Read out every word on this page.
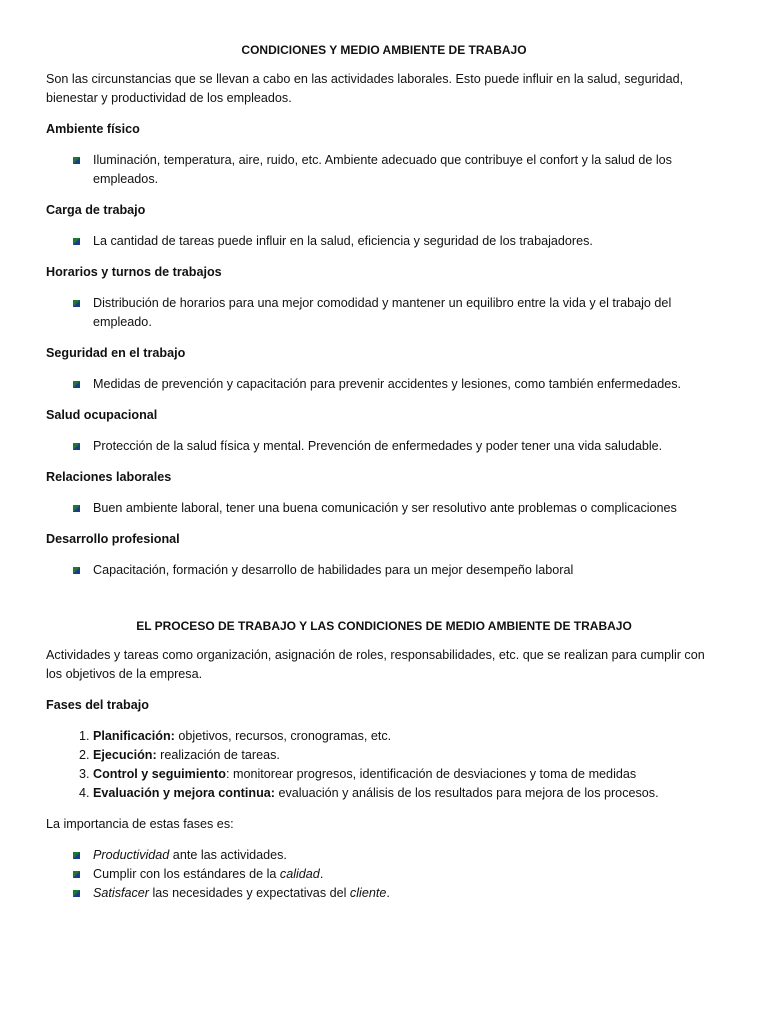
CONDICIONES Y MEDIO AMBIENTE DE TRABAJO

Son las circunstancias que se llevan a cabo en las actividades laborales. Esto puede influir en la salud, seguridad, bienestar y productividad de los empleados.

Ambiente físico

Iluminación, temperatura, aire, ruido, etc. Ambiente adecuado que contribuye el confort y la salud de los empleados.

Carga de trabajo

La cantidad de tareas puede influir en la salud, eficiencia y seguridad de los trabajadores.

Horarios y turnos de trabajos

Distribución de horarios para una mejor comodidad y mantener un equilibro entre la vida y el trabajo del empleado.

Seguridad en el trabajo

Medidas de prevención y capacitación para prevenir accidentes y lesiones, como también enfermedades.

Salud ocupacional

Protección de la salud física y mental. Prevención de enfermedades y poder tener una vida saludable.

Relaciones laborales

Buen ambiente laboral, tener una buena comunicación y ser resolutivo ante problemas o complicaciones

Desarrollo profesional

Capacitación, formación y desarrollo de habilidades para un mejor desempeño laboral

EL PROCESO DE TRABAJO Y LAS CONDICIONES DE MEDIO AMBIENTE DE TRABAJO

Actividades y tareas como organización, asignación de roles, responsabilidades, etc. que se realizan para cumplir con los objetivos de la empresa.

Fases del trabajo

1. Planificación: objetivos, recursos, cronogramas, etc.
2. Ejecución: realización de tareas.
3. Control y seguimiento: monitorear progresos, identificación de desviaciones y toma de medidas
4. Evaluación y mejora continua: evaluación y análisis de los resultados para mejora de los procesos.

La importancia de estas fases es:

Productividad ante las actividades.
Cumplir con los estándares de la calidad.
Satisfacer las necesidades y expectativas del cliente.
